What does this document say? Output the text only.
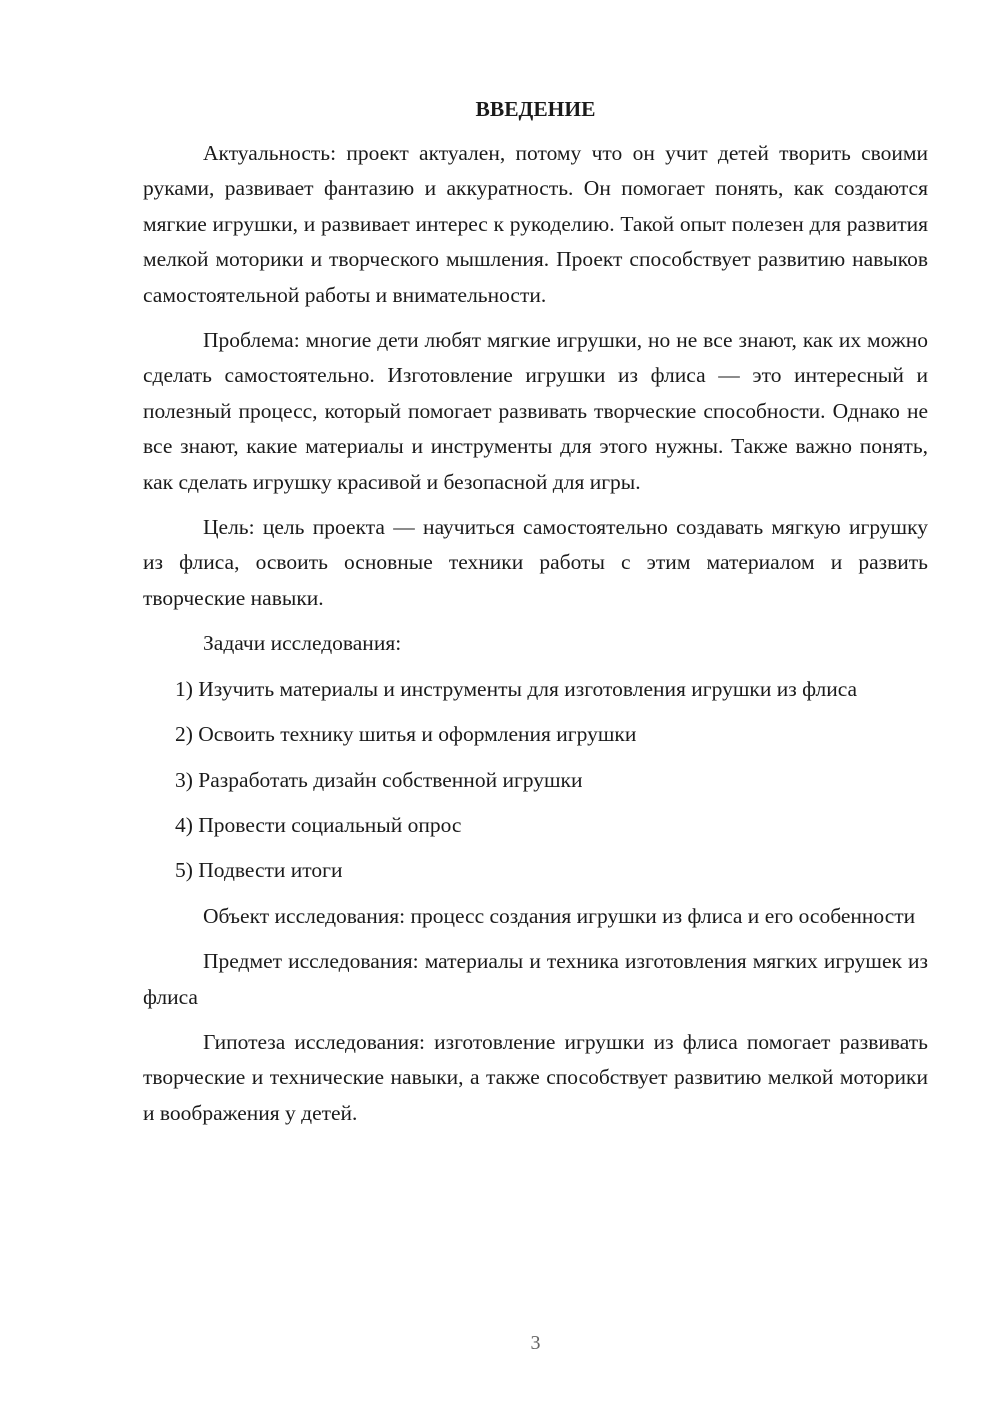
ВВЕДЕНИЕ

Актуальность: проект актуален, потому что он учит детей творить своими руками, развивает фантазию и аккуратность. Он помогает понять, как создаются мягкие игрушки, и развивает интерес к рукоделию. Такой опыт полезен для развития мелкой моторики и творческого мышления. Проект способствует развитию навыков самостоятельной работы и внимательности.

Проблема: многие дети любят мягкие игрушки, но не все знают, как их можно сделать самостоятельно. Изготовление игрушки из флиса — это интересный и полезный процесс, который помогает развивать творческие способности. Однако не все знают, какие материалы и инструменты для этого нужны. Также важно понять, как сделать игрушку красивой и безопасной для игры.

Цель: цель проекта — научиться самостоятельно создавать мягкую игрушку из флиса, освоить основные техники работы с этим материалом и развить творческие навыки.

Задачи исследования:

1) Изучить материалы и инструменты для изготовления игрушки из флиса

2) Освоить технику шитья и оформления игрушки

3) Разработать дизайн собственной игрушки

4) Провести социальный опрос

5) Подвести итоги

Объект исследования: процесс создания игрушки из флиса и его особенности

Предмет исследования: материалы и техника изготовления мягких игрушек из флиса

Гипотеза исследования: изготовление игрушки из флиса помогает развивать творческие и технические навыки, а также способствует развитию мелкой моторики и воображения у детей.

3
